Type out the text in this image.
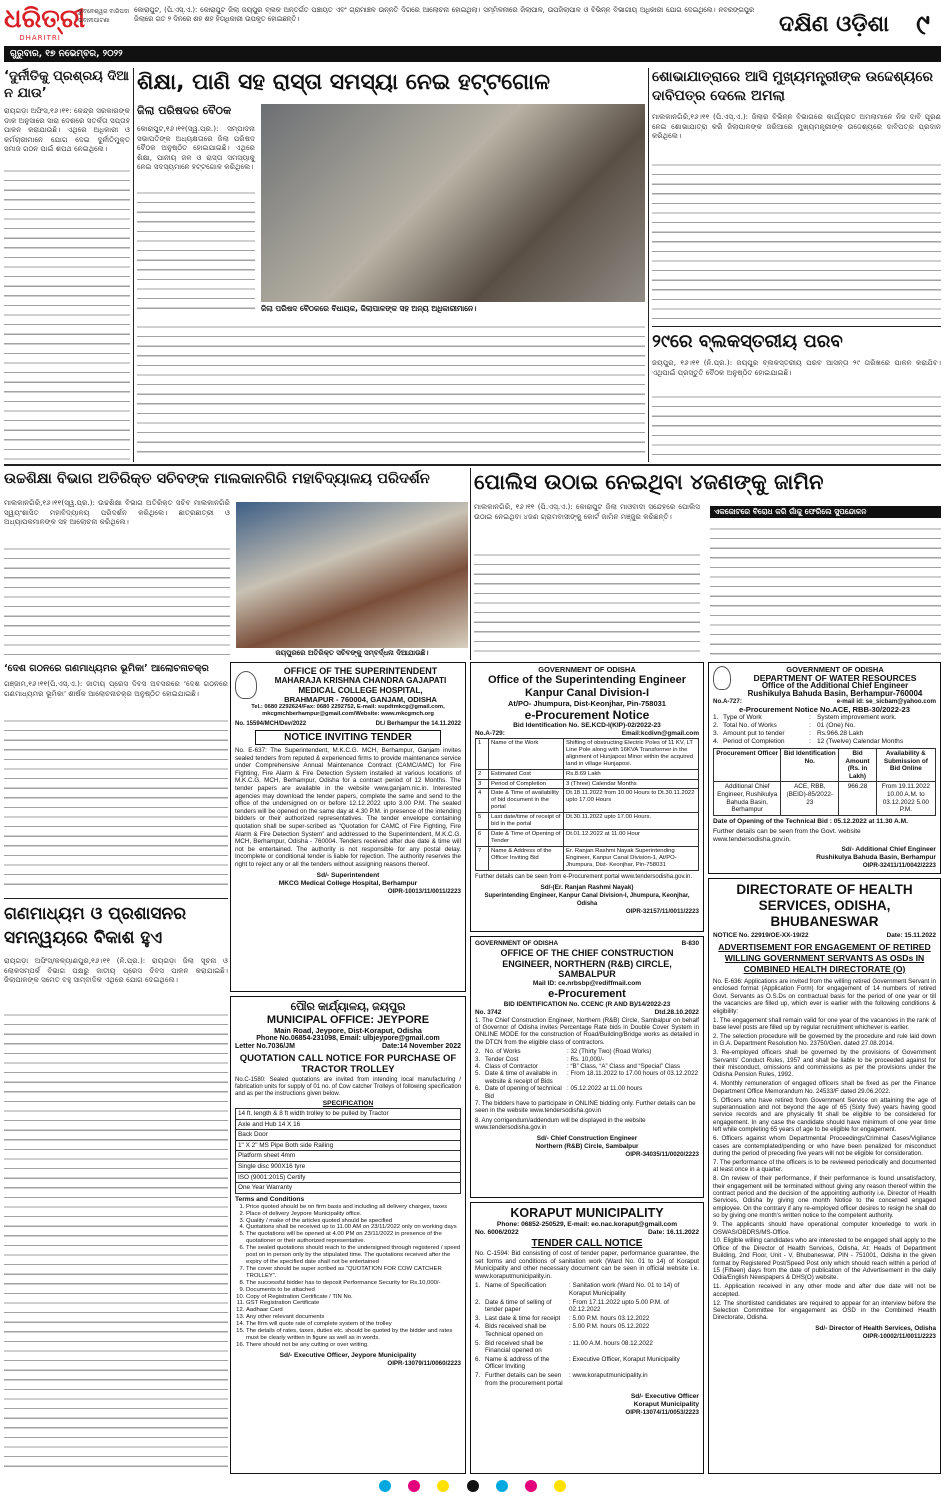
ଧରିତ୍ରୀ
DHARITRI
ଭୁବନେଶ୍ୱର ବାରିପଦା ଭବାନୀପାଟଣା
କୋରାପୁଟ, (ପି.ଏସ୍.ଏ.): କୋରାପୁଟ ଜିଲା ଜୟପୁର ବ୍ଲକ ଅନ୍ତର୍ଗତ ପଞ୍ଚାୟତ ଏବଂ ଗ୍ରାମାଞ୍ଚଳ ଉନ୍ନତି ଦିଗରେ ଆଲୋଚନା ହୋଇଥିଲା। ସମ୍ମିଳନୀରେ ଜିଲାପାଳ, ଉପଜିଲାପାଳ ଓ ବିଭିନ୍ନ ବିଭାଗୀୟ ଅଧିକାରୀ ଯୋଗ ଦେଇଥିଲେ। ନବରଙ୍ଗପୁର ଜିଲାରେ ଗତ ୨ ଦିନରେ ଶହ ଶହ ହିତାଧିକାରୀ ଉପକୃତ ହୋଇଛନ୍ତି।	ଦକ୍ଷିଣ ଓଡ଼ିଶା ୯
ଗୁରୁବାର, ୧୭ ନଭେମ୍ବର, ୨୦୨୨
‘ଦୁର୍ନୀତିକୁ ପ୍ରଶ୍ରୟ ଦିଆ ନ ଯାଉ’
ରାୟଗଡ଼ା ଅଫିସ,୧୬।୧୧: କେନ୍ଦ୍ର ସରକାରଙ୍କ ଡାକ ଅନୁସାରେ ସାରା ଦେଶରେ ସତର୍କତା ସପ୍ତାହ ପାଳନ କରାଯାଉଛି। ଏଥିରେ ଅଧିକାରୀ ଓ କର୍ମଚାରୀମାନେ ଯୋଗ ଦେଇ ଦୁର୍ନୀତିମୁକ୍ତ ସମାଜ ଗଠନ ପାଇଁ ଶପଥ ନେଇଥିଲେ।
ଶିକ୍ଷା, ପାଣି ସହ ରାସ୍ତା ସମସ୍ୟା ନେଇ ହଟ୍ଟଗୋଳ
ଜିଲା ପରିଷଦର ବୈଠକ
କୋରାପୁଟ,୧୬।୧୧(ସ୍ୱ.ପ୍ର.): ସମ୍ପାଦନା ସଭାପତିଙ୍କ ଅଧ୍ୟକ୍ଷତାରେ ଜିଲା ପରିଷଦ ବୈଠକ ଅନୁଷ୍ଠିତ ହୋଇଯାଇଛି। ଏଥିରେ ଶିକ୍ଷା, ପାନୀୟ ଜଳ ଓ ରାସ୍ତା ସମସ୍ୟାକୁ ନେଇ ସଦସ୍ୟମାନେ ହଟ୍ଟଗୋଳ କରିଥିଲେ।
ଜିଲା ପରିଷଦ ବୈଠକରେ ବିଧାୟକ, ଜିଲାପାଳଙ୍କ ସହ ଅନ୍ୟ ଅଧିକାରୀମାନେ।
ଶୋଭାଯାତ୍ରାରେ ଆସି ମୁଖ୍ୟମନ୍ତ୍ରୀଙ୍କ ଉଦ୍ଦେଶ୍ୟରେ ଦାବିପତ୍ର ଦେଲେ ଅମଲା
ମାଲକାନଗିରି,୧୬।୧୧ (ପି.ଏସ୍.ଏ.): ଜିଲାର ବିଭିନ୍ନ ବିଭାଗରେ କାର୍ଯ୍ୟରତ ଅମଲାମାନେ ନିଜ ଦାବି ପୂରଣ ନେଇ ଶୋଭାଯାତ୍ରା କରି ଜିଲାପାଳଙ୍କ ଜରିଆରେ ମୁଖ୍ୟମନ୍ତ୍ରୀଙ୍କ ଉଦ୍ଦେଶ୍ୟରେ ଦାବିପତ୍ର ପ୍ରଦାନ କରିଥିଲେ।
୨୯ରେ ବ୍ଲକସ୍ତରୀୟ ପରବ
ଜୟପୁର, ୧୬।୧୧ (ନି.ପ୍ର.): ଜୟପୁର ବ୍ଲକସ୍ତରୀୟ ପରବ ଆସନ୍ତା ୨୯ ତାରିଖରେ ପାଳନ କରାଯିବ। ଏଥିପାଇଁ ପ୍ରସ୍ତୁତି ବୈଠକ ଅନୁଷ୍ଠିତ ହୋଇଯାଇଛି।
ଉଚ୍ଚଶିକ୍ଷା ବିଭାଗ ଅତିରିକ୍ତ ସଚିବଙ୍କ ମାଲକାନଗିରି ମହାବିଦ୍ୟାଳୟ ପରିଦର୍ଶନ
ମାଲକାନଗିରି,୧୬।୧୧(ସ୍ୱ.ପ୍ର.): ଉଚ୍ଚଶିକ୍ଷା ବିଭାଗ ଅତିରିକ୍ତ ସଚିବ ମାଲକାନଗିରି ସ୍ୱୟଂଶାସିତ ମହାବିଦ୍ୟାଳୟ ପରିଦର୍ଶନ କରିଥିଲେ। ଛାତ୍ରଛାତ୍ରୀ ଓ ଅଧ୍ୟାପକମାନଙ୍କ ସହ ଆଲୋଚନା କରିଥିଲେ।
ଜୟପୁରରେ ଅତିରିକ୍ତ ସଚିବଙ୍କୁ ସମ୍ବର୍ଦ୍ଧନା ଦିଆଯାଉଛି।
ପୋଲିସ ଉଠାଇ ନେଇଥିବା ୪ଜଣଙ୍କୁ ଜାମିନ
ମାଲକାନଗିରି, ୧୬।୧୧ (ପି.ଏସ୍.ଏ.): କୋରାପୁଟ ଜିଲା ମାଓବାଦୀ ସନ୍ଦେହରେ ପୋଲିସ ଉଠାଇ ନେଇଥିବା ୪ଜଣ ଗ୍ରାମବାସୀଙ୍କୁ କୋର୍ଟ ଜାମିନ ମଞ୍ଜୁର କରିଛନ୍ତି।
ଏକଜୋଟରେ ବିରୋଧ କରି ଗାଁକୁ ଫେରିଲେ ସୁପନ୍ଦୋଳନ
‘ଦେଶ ଗଠନରେ ଗଣମାଧ୍ୟମର ଭୂମିକା’ ଆଲୋଚନାଚକ୍ର
ଗଞ୍ଜାମ,୧୬।୧୧(ପି.ଏସ୍.ଏ.): ଜାତୀୟ ପ୍ରେସ ଦିବସ ଅବସରରେ ‘ଦେଶ ଗଠନରେ ଗଣମାଧ୍ୟମର ଭୂମିକା’ ଶୀର୍ଷକ ଆଲୋଚନାଚକ୍ର ଅନୁଷ୍ଠିତ ହୋଇଯାଇଛି।
ଗଣମାଧ୍ୟମ ଓ ପ୍ରଶାସନର ସମନ୍ୱୟରେ ବିକାଶ ହୁଏ
ରାୟଗଡ଼ା ଅଫିସ/କଳ୍ୟାଣପୁର,୧୬।୧୧ (ନି.ପ୍ର.): ରାୟଗଡ଼ା ଜିଲା ସୂଚନା ଓ ଲୋକସମ୍ପର୍କ ବିଭାଗ ପକ୍ଷରୁ ଜାତୀୟ ପ୍ରେସ ଦିବସ ପାଳନ କରାଯାଇଛି। ଜିଲାପାଳଙ୍କ ସମେତ ବହୁ ସାମ୍ବାଦିକ ଏଥିରେ ଯୋଗ ଦେଇଥିଲେ।
OFFICE OF THE SUPERINTENDENT
MAHARAJA KRISHNA CHANDRA GAJAPATI MEDICAL COLLEGE HOSPITAL,
BRAHMAPUR - 760004, GANJAM, ODISHA

Tel.: 0680 2292624/Fax: 0680 2292752, E-mail: supdtmkcg@gmail.com, mkcgmchberhampur@gmail.com/Website: www.mkcgmch.org

No. 15594/MCH/Dev/2022	Dt./ Berhampur the 14.11.2022
NOTICE INVITING TENDER

No. E-637: The Superintendent, M.K.C.G. MCH, Berhampur, Ganjam invites sealed tenders from reputed & experienced firms to provide maintenance service under Comprehensive Annual Maintenance Contract (CAMC/AMC) for Fire Fighting, Fire Alarm & Fire Detection System installed at various locations of M.K.C.G. MCH, Berhampur, Odisha for a contract period of 12 Months. The tender papers are available in the website www.ganjam.nic.in. Interested agencies may download the tender papers, complete the same and send to the office of the undersigned on or before 12.12.2022 upto 3.00 P.M. The sealed tenders will be opened on the same day at 4.30 P.M. in presence of the intending bidders or their authorized representatives. The tender envelope containing quotation shall be super-scribed as “Quotation for CAMC of Fire Fighting, Fire Alarm & Fire Detection System” and addressed to the Superintendent, M.K.C.G. MCH, Berhampur, Odisha - 760004. Tenders received after due date & time will not be entertained. The authority is not responsible for any postal delay. Incomplete or conditional tender is liable for rejection. The authority reserves the right to reject any or all the tenders without assigning reasons thereof.

Sd/- Superintendent
MKCG Medical College Hospital, Berhampur
OIPR-10013/11/0011/2223
ପୌର କାର୍ଯ୍ୟାଳୟ, ଜୟପୁର
MUNICIPAL OFFICE: JEYPORE
Main Road, Jeypore, Dist-Koraput, Odisha
Phone No.06854-231098, Email: ulbjeypore@gmail.com
Letter No.7036/JM	Date:14 November 2022
QUOTATION CALL NOTICE FOR PURCHASE OF TRACTOR TROLLEY

No.C-1580: Sealed quotations are invited from intending local manufacturing / fabrication units for supply of 01 no. of Cow catcher Trolleys of following specification and as per the instructions given below.

SPECIFICATION
14 ft. length & 8 ft width trolley to be pulled by Tractor
Axle and Hub 14 X 16
Back Door
1" X 2" MS Pipe Both side Railing
Platform sheet 4mm
Single disc 900X16 tyre
ISO (9001:2015) Certify
One Year Warranty
Terms and Conditions
1. Price quoted should be on firm basis and including all delivery charges, taxes
2. Place of delivery Jeypore Municipality office.
3. Quality / make of the articles quoted should be specified
4. Quotations shall be received up to 11.00 AM on 23/11/2022 only on working days
5. The quotations will be opened at 4.00 PM on 23/11/2022 in presence of the quotationer or their authorized representative.
6. The sealed quotations should reach to the undersigned through registered / speed post on in person only by the stipulated time. The quotations received after the expiry of the specified date shall not be entertained
7. The cover should be super scribed as “QUOTATION FOR COW CATCHER TROLLEY”.
8. The successful bidder has to deposit Performance Security for Rs.10,000/-
9. Documents to be attached
10. Copy of Registration Certificate / TIN No.
11. GST Registration Certificate
12. Aadhaar Card
13. Any other relevant documents
14. The firm will quote rate of complete system of the trolley
15. The details of rates, taxes, duties etc. should be quoted by the bidder and rates must be clearly written in figure as well as in words.
16. There should not be any cutting or over writing.
Sd/- Executive Officer, Jeypore Municipality
OIPR-13079/11/0060/2223
GOVERNMENT OF ODISHA
Office of the Superintending Engineer
Kanpur Canal Division-I
At/PO- Jhumpura, Dist-Keonjhar, Pin-758031
e-Procurement Notice
Bid Identification No. SE.KCD-I(KIP)-02/2022-23
No.A-729:	Email:kcdivn@gmail.com
1	Name of the Work	Shifting of obstructing Electric Poles of 11 KV, LT Line Pole along with 16KVA Transformer in the alignment of Hunjaposi Minor within the acquired land in village Hunjaposi.
2	Estimated Cost	Rs.8.69 Lakh
3	Period of Completion	3 (Three) Calendar Months
4	Date & Time of availability of bid document in the portal	Dt.18.11.2022 from 10.00 Hours to Dt.30.11.2022 upto 17.00 Hours
5	Last date/time of receipt of bid in the portal	Dt.30.11.2022 upto 17.00 Hours.
6	Date & Time of Opening of Tender	Dt.01.12.2022 at 11.00 Hour
7	Name & Address of the Officer Inviting Bid	Er. Ranjan Rashmi Nayak Superintending Engineer, Kanpur Canal Division-1, At/PO- Jhumpura, Dist- Keonjhar, Pin-758031

Further details can be seen from e-Procurement portal www.tendersodisha.gov.in.

Sd/-(Er. Ranjan Rashmi Nayak)
Superintending Engineer, Kanpur Canal Division-I, Jhumpura, Keonjhar, Odisha
OIPR-32157/11/0011/2223
GOVERNMENT OF ODISHA	B-830
OFFICE OF THE CHIEF CONSTRUCTION ENGINEER, NORTHERN (R&B) CIRCLE, SAMBALPUR
Mail ID: ce.nrbsbp@rediffmail.com
e-Procurement
BID IDENTIFICATION No. CCENC (R AND B)/14/2022-23
No. 3742	Dtd.28.10.2022

1. The Chief Construction Engineer, Northern (R&B) Circle, Sambalpur on behalf of Governor of Odisha invites Percentage Rate bids in Double Cover System in ONLINE MODE for the construction of Road/Building/Bridge works as detailed in the DTCN from the eligible class of contractors.

2. No. of Works	: 32 (Thirty Two) (Road Works)
3. Tender Cost	: Rs. 10,000/-
4. Class of Contractor	: “B” Class, “A” Class and “Special” Class
5. Date & time of available in website & receipt of Bids
: From 18.11.2022 to 17.00 hours of 03.12.2022
6. Date of opening of technical Bid
: 05.12.2022 at 11.00 hours

7. The bidders have to participate in ONLINE bidding only. Further details can be seen in the website www.tendersodisha.gov.in

8. Any corrigendum/addendum will be displayed in the website www.tendersodisha.gov.in

Sd/- Chief Construction Engineer
Northern (R&B) Circle, Sambalpur
OIPR-34035/11/0020/2223
KORAPUT MUNICIPALITY
Phone: 06852-250529, E-mail: eo.nac.koraput@gmail.com
No. 6006/2022	Date: 16.11.2022
TENDER CALL NOTICE

No. C-1594: Bid consisting of cost of tender paper, performance guarantee, the set forms and conditions of sanitation work (Ward No. 01 to 14) of Koraput Municipality and other necessary document can be seen in official website i.e. www.koraputmunicipality.in.

1. Name of Specification	: Sanitation work (Ward No. 01 to 14) of Koraput Municipality
2. Date & time of selling of tender paper
: From 17.11.2022 upto 5.00 P.M. of 02.12.2022
3. Last date & time for receipt	: 5.00 P.M. hours 03.12.2022
4. Bids received shall be Technical opened on
: 5.00 P.M. hours 05.12.2022
5. Bid received shall be Financial opened on
: 11.00 A.M. hours 08.12.2022
6. Name & address of the Officer Inviting
: Executive Officer, Koraput Municipality
7. Further details can be seen from the procurement portal
: www.koraputmunicipality.in
Sd/- Executive Officer
Koraput Municipality
OIPR-13074/11/0053/2223
GOVERNMENT OF ODISHA
DEPARTMENT OF WATER RESOURCES
Office of the Additional Chief Engineer
Rushikulya Bahuda Basin, Berhampur-760004
No.A-727:	e-mail id: se_sicbam@yahoo.com
e-Procurement Notice No.ACE, RBB-30/2022-23
1. Type of Work	: System improvement work.
2. Total No. of Works	: 01 (One) No.
3. Amount put to tender	: Rs.966.28 Lakh
4. Period of Completion	: 12 (Twelve) Calendar Months
Procurement Officer	Bid Identification No.	Bid Amount (Rs. in Lakh)	Availability & Submission of Bid Online
Additional Chief Engineer, Rushikulya Bahuda Basin, Berhampur	ACE, RBB, (BEID)-85/2022-23	966.28	From 19.11.2022 10.00 A.M. to 03.12.2022 5.00 P.M.

Date of Opening of the Technical Bid : 05.12.2022 at 11.30 A.M.

Further details can be seen from the Govt. website www.tendersodisha.gov.in.

Sd/- Additional Chief Engineer
Rushikulya Bahuda Basin, Berhampur
OIPR-32411/11/0042/2223
DIRECTORATE OF HEALTH SERVICES, ODISHA, BHUBANESWAR
NOTICE No. 22919/OE-XX-19/22	Date: 15.11.2022
ADVERTISEMENT FOR ENGAGEMENT OF RETIRED WILLING GOVERNMENT SERVANTS AS OSDs IN COMBINED HEALTH DIRECTORATE (O)

No. E-636: Applications are invited from the willing retired Government Servant in enclosed format (Application Form) for engagement of 14 numbers of retired Govt. Servants as O.S.Ds on contractual basis for the period of one year or till the vacancies are filled up, which ever is earlier with the following conditions & eligibility:

1. The engagement shall remain valid for one year of the vacancies in the rank of base level posts are filled up by regular recruitment whichever is earlier.

2. The selection procedure will be governed by the procedure and rule laid down in G.A. Department Resolution No. 23750/Gen. dated 27.08.2014.

3. Re-employed officers shall be governed by the provisions of Government Servants' Conduct Rules, 1957 and shall be liable to be proceeded against for their misconduct, omissions and commissions as per the provisions under the Odisha Pension Rules, 1992.

4. Monthly remuneration of engaged officers shall be fixed as per the Finance Department Office Memorandum No. 24533/F dated 29.06.2022.

5. Officers who have retired from Government Service on attaining the age of superannuation and not beyond the age of 65 (Sixty five) years having good service records and are physically fit shall be eligible to be considered for engagement. In any case the candidate should have minimum of one year time left while completing 65 years of age to be eligible for engagement.

6. Officers against whom Departmental Proceedings/Criminal Cases/Vigilance cases are contemplated/pending or who have been penalized for misconduct during the period of preceding five years will not be eligible for consideration.

7. The performance of the officers is to be reviewed periodically and documented at least once in a quarter.

8. On review of their performance, if their performance is found unsatisfactory, their engagement will be terminated without giving any reason thereof within the contract period and the decision of the appointing authority i.e. Director of Health Services, Odisha by giving one month Notice to the concerned engaged employee. On the contrary if any re-employed officer desires to resign he shall do so by giving one month's written notice to the competent authority.

9. The applicants should have operational computer knowledge to work in OSWAS/OBDRS/MS-Office.

10. Eligible willing candidates who are interested to be engaged shall apply to the Office of the Director of Health Services, Odisha, At: Heads of Department Building, 2nd Floor, Unit - V, Bhubaneswar, PIN - 751001, Odisha in the given format by Registered Post/Speed Post only which should reach within a period of 15 (Fifteen) days from the date of publication of the Advertisement in the daily Odia/English Newspapers & DHS(O) website.

11. Application received in any other mode and after due date will not be accepted.

12. The shortlisted candidates are required to appear for an interview before the Selection Committee for engagement as OSD in the Combined Health Directorate, Odisha.

Sd/- Director of Health Services, Odisha
OIPR-10002/11/0011/2223
